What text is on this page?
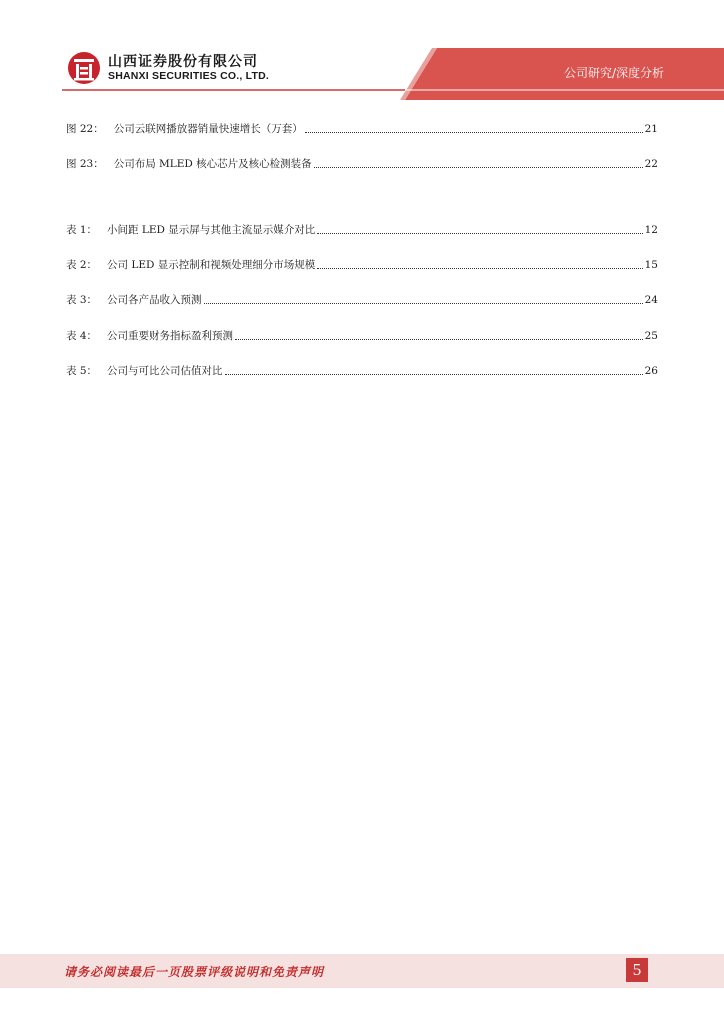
山西证券股份有限公司
SHANXI SECURITIES CO., LTD.	公司研究/深度分析
图 22： 公司云联网播放器销量快速增长（万套）	21
图 23： 公司布局 MLED 核心芯片及核心检测装备	22
表 1： 小间距 LED 显示屏与其他主流显示媒介对比	12
表 2： 公司 LED 显示控制和视频处理细分市场规模	15
表 3： 公司各产品收入预测	24
表 4： 公司重要财务指标盈利预测	25
表 5： 公司与可比公司估值对比	26
请务必阅读最后一页股票评级说明和免责声明	5
